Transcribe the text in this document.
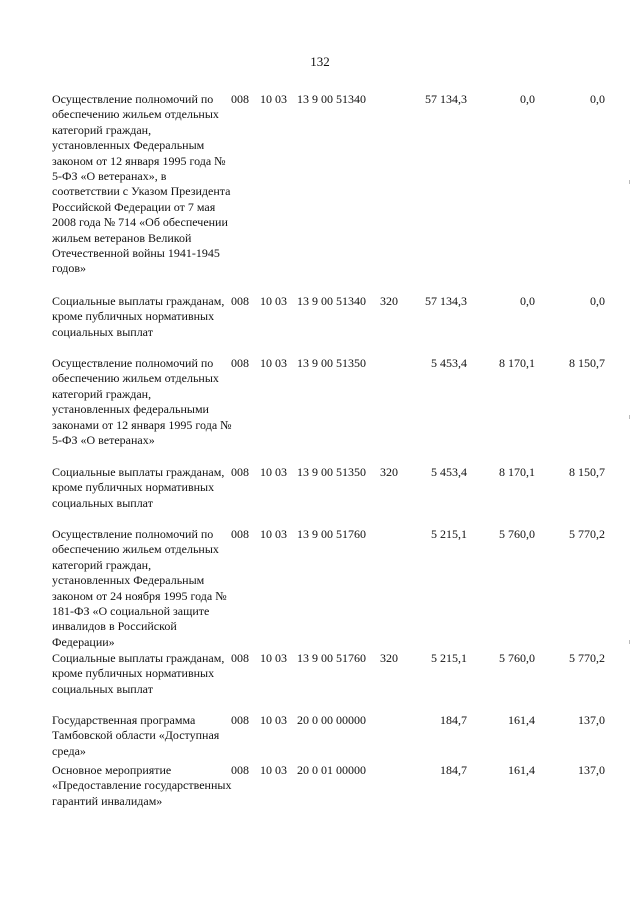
132
Осуществление полномочий по обеспечению жильем отдельных категорий граждан, установленных Федеральным законом от 12 января 1995 года № 5-ФЗ «О ветеранах», в соответствии с Указом Президента Российской Федерации от 7 мая 2008 года № 714 «Об обеспечении жильем ветеранов Великой Отечественной войны 1941-1945 годов»
008 10 03 13 9 00 51340	57 134,3	0,0	0,0
Социальные выплаты гражданам, кроме публичных нормативных социальных выплат
008 10 03 13 9 00 51340 320	57 134,3	0,0	0,0
Осуществление полномочий по обеспечению жильем отдельных категорий граждан, установленных федеральными законами от 12 января 1995 года № 5-ФЗ «О ветеранах»
008 10 03 13 9 00 51350	5 453,4	8 170,1	8 150,7
Социальные выплаты гражданам, кроме публичных нормативных социальных выплат
008 10 03 13 9 00 51350 320	5 453,4	8 170,1	8 150,7
Осуществление полномочий по обеспечению жильем отдельных категорий граждан, установленных Федеральным законом от 24 ноября 1995 года № 181-ФЗ «О социальной защите инвалидов в Российской Федерации»
008 10 03 13 9 00 51760	5 215,1	5 760,0	5 770,2
Социальные выплаты гражданам, кроме публичных нормативных социальных выплат
008 10 03 13 9 00 51760 320	5 215,1	5 760,0	5 770,2
Государственная программа Тамбовской области «Доступная среда»
008 10 03 20 0 00 00000	184,7	161,4	137,0
Основное мероприятие «Предоставление государственных гарантий инвалидам»
008 10 03 20 0 01 00000	184,7	161,4	137,0
